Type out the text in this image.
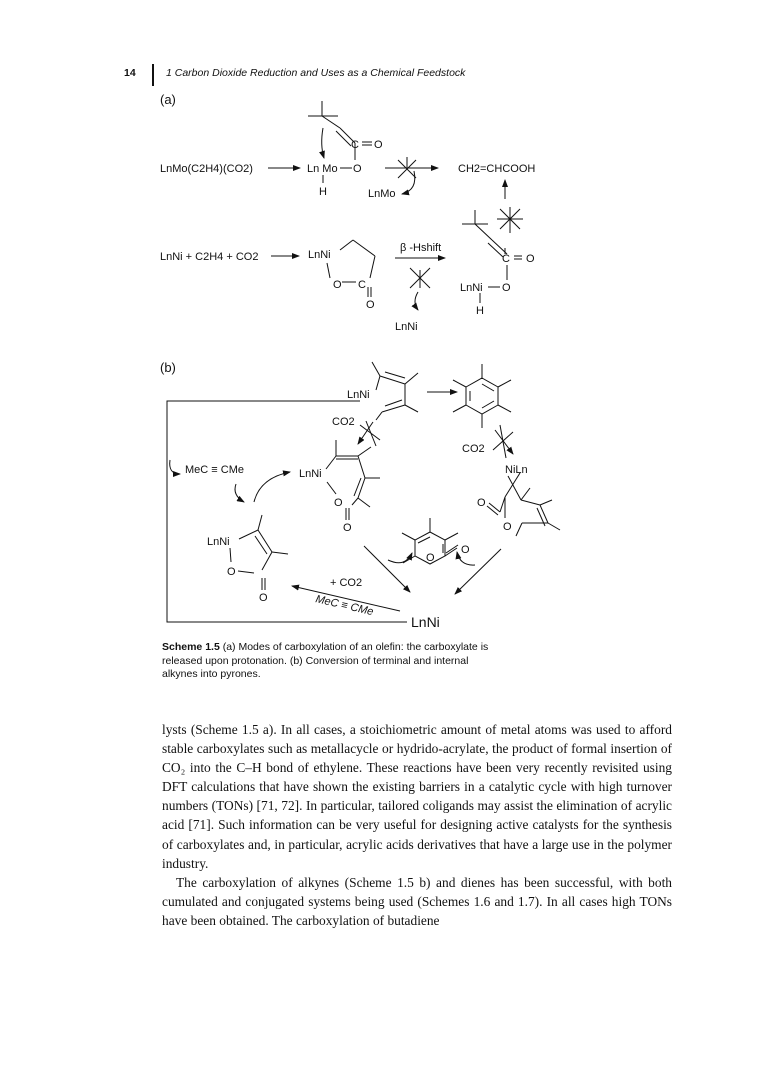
14	1 Carbon Dioxide Reduction and Uses as a Chemical Feedstock
(a)
LnMo(C2H4)(CO2)	Ln Mo O
C O
H	LnMo
CH2=CHCOOH
LnNi + C2H4 + CO2	LnNi
O C
O
β -Hshift
LnNi O
C O
H
LnNi
(b)
LnNi
CO2
CO2
MeC ≡ CMe	LnNi
O
O
LnNi
O
O
NiLn
O
O
O
O
+ CO2
MeC ≡ CMe
LnNi
Scheme 1.5 (a) Modes of carboxylation of an olefin: the carboxylate is released upon protonation. (b) Conversion of terminal and internal alkynes into pyrones.

lysts (Scheme 1.5 a). In all cases, a stoichiometric amount of metal atoms was used to afford stable carboxylates such as metallacycle or hydrido-acrylate, the product of formal insertion of CO₂ into the C–H bond of ethylene. These reactions have been very recently revisited using DFT calculations that have shown the existing barriers in a catalytic cycle with high turnover numbers (TONs) [71, 72]. In particular, tailored coligands may assist the elimination of acrylic acid [71]. Such information can be very useful for designing active catalysts for the synthesis of carboxylates and, in particular, acrylic acids derivatives that have a large use in the polymer industry.

The carboxylation of alkynes (Scheme 1.5 b) and dienes has been successful, with both cumulated and conjugated systems being used (Schemes 1.6 and 1.7). In all cases high TONs have been obtained. The carboxylation of butadiene
